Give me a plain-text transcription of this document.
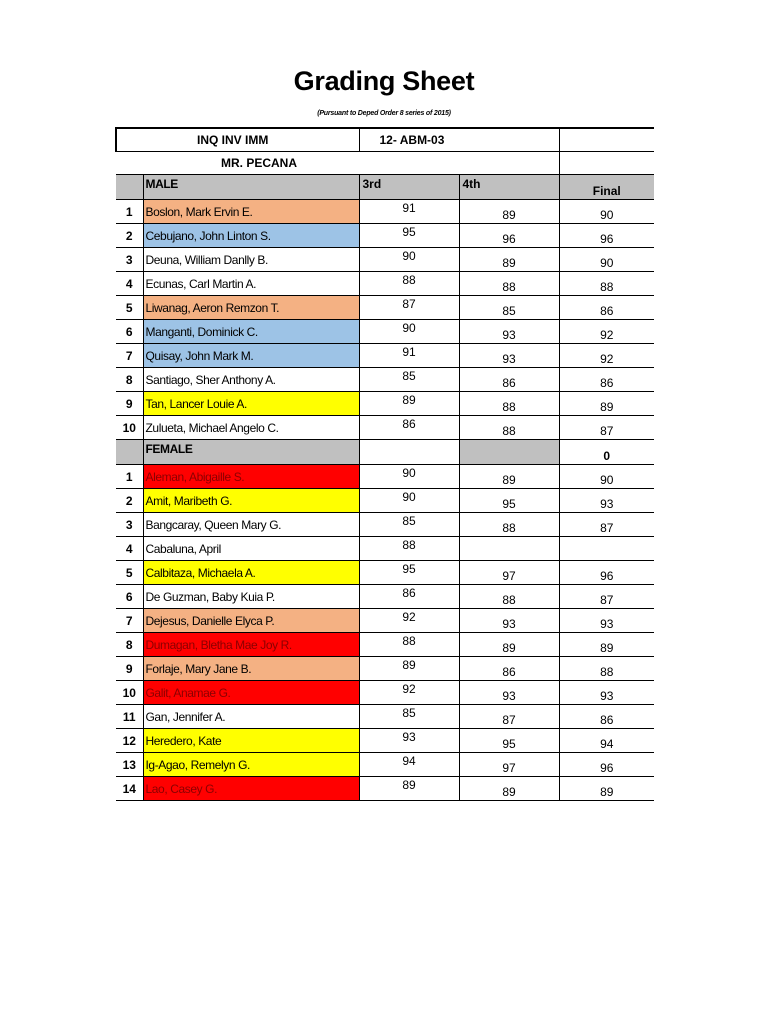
Grading Sheet
(Pursuant to Deped Order 8 series of 2015)
INQ INV IMM		12- ABM-03		
MR. PECANA				
	MALE	3rd	4th	Final
1	Boslon, Mark Ervin E.	91	89	90
2	Cebujano, John Linton S.	95	96	96
3	Deuna, William Danlly B.	90	89	90
4	Ecunas, Carl Martin A.	88	88	88
5	Liwanag, Aeron Remzon T.	87	85	86
6	Manganti, Dominick C.	90	93	92
7	Quisay, John Mark M.	91	93	92
8	Santiago, Sher Anthony A.	85	86	86
9	Tan, Lancer Louie A.	89	88	89
10	Zulueta, Michael Angelo C.	86	88	87
	FEMALE			0
1	Aleman, Abigaille S.	90	89	90
2	Amit, Maribeth G.	90	95	93
3	Bangcaray, Queen Mary G.	85	88	87
4	Cabaluna, April	88		
5	Calbitaza, Michaela A.	95	97	96
6	De Guzman, Baby Kuia P.	86	88	87
7	Dejesus, Danielle Elyca P.	92	93	93
8	Dumagan, Bletha Mae Joy R.	88	89	89
9	Forlaje, Mary Jane B.	89	86	88
10	Galit, Anamae G.	92	93	93
11	Gan, Jennifer A.	85	87	86
12	Heredero, Kate	93	95	94
13	Ig-Agao, Remelyn G.	94	97	96
14	Lao, Casey G.	89	89	89
